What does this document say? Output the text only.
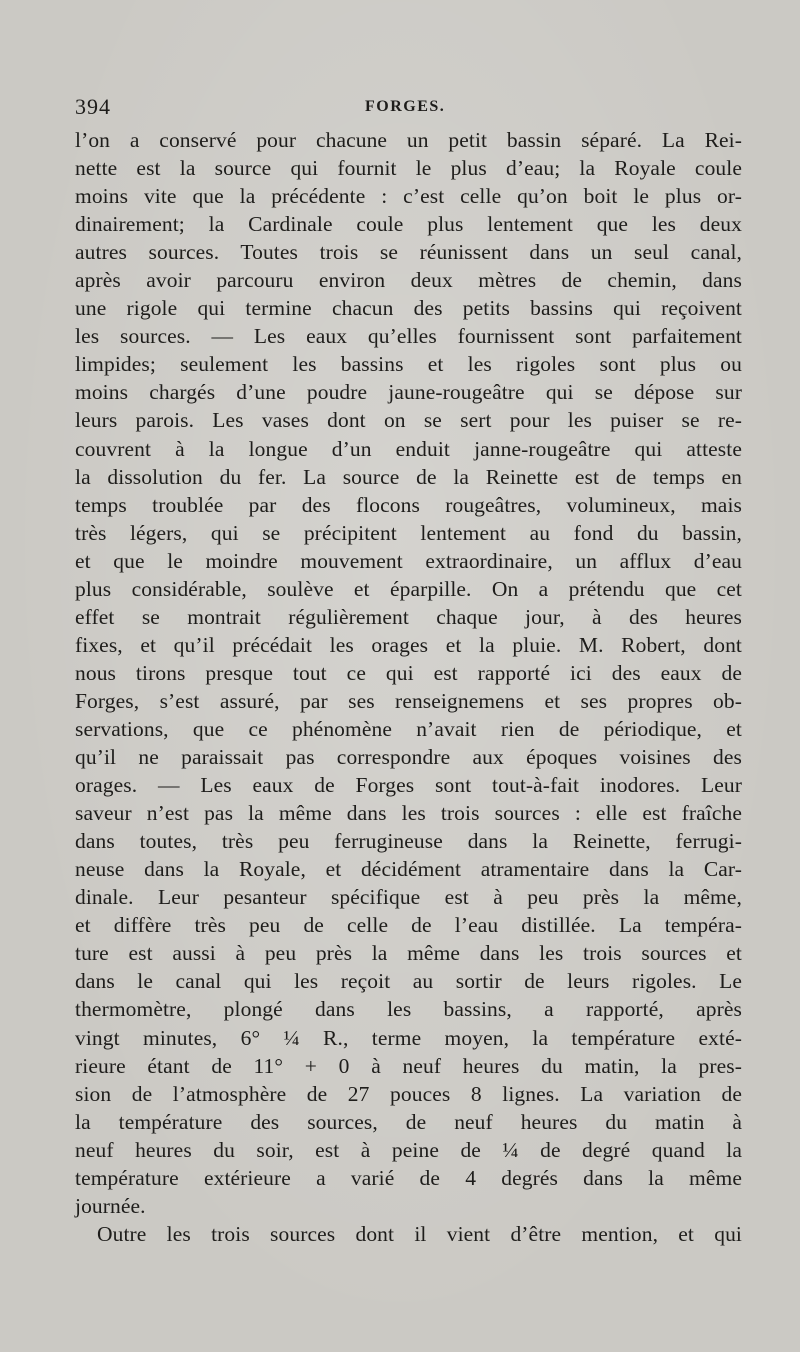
394	FORGES.
l’on a conservé pour chacune un petit bassin séparé. La Rei-
nette est la source qui fournit le plus d’eau; la Royale coule
moins vite que la précédente : c’est celle qu’on boit le plus or-
dinairement; la Cardinale coule plus lentement que les deux
autres sources. Toutes trois se réunissent dans un seul canal,
après avoir parcouru environ deux mètres de chemin, dans
une rigole qui termine chacun des petits bassins qui reçoivent
les sources. — Les eaux qu’elles fournissent sont parfaitement
limpides; seulement les bassins et les rigoles sont plus ou
moins chargés d’une poudre jaune-rougeâtre qui se dépose sur
leurs parois. Les vases dont on se sert pour les puiser se re-
couvrent à la longue d’un enduit janne-rougeâtre qui atteste
la dissolution du fer. La source de la Reinette est de temps en
temps troublée par des flocons rougeâtres, volumineux, mais
très légers, qui se précipitent lentement au fond du bassin,
et que le moindre mouvement extraordinaire, un afflux d’eau
plus considérable, soulève et éparpille. On a prétendu que cet
effet se montrait régulièrement chaque jour, à des heures
fixes, et qu’il précédait les orages et la pluie. M. Robert, dont
nous tirons presque tout ce qui est rapporté ici des eaux de
Forges, s’est assuré, par ses renseignemens et ses propres ob-
servations, que ce phénomène n’avait rien de périodique, et
qu’il ne paraissait pas correspondre aux époques voisines des
orages. — Les eaux de Forges sont tout-à-fait inodores. Leur
saveur n’est pas la même dans les trois sources : elle est fraîche
dans toutes, très peu ferrugineuse dans la Reinette, ferrugi-
neuse dans la Royale, et décidément atramentaire dans la Car-
dinale. Leur pesanteur spécifique est à peu près la même,
et diffère très peu de celle de l’eau distillée. La tempéra-
ture est aussi à peu près la même dans les trois sources et
dans le canal qui les reçoit au sortir de leurs rigoles. Le
thermomètre, plongé dans les bassins, a rapporté, après
vingt minutes, 6° ¼ R., terme moyen, la température exté-
rieure étant de 11° + 0 à neuf heures du matin, la pres-
sion de l’atmosphère de 27 pouces 8 lignes. La variation de
la température des sources, de neuf heures du matin à
neuf heures du soir, est à peine de ¼ de degré quand la
température extérieure a varié de 4 degrés dans la même
journée.
Outre les trois sources dont il vient d’être mention, et qui
